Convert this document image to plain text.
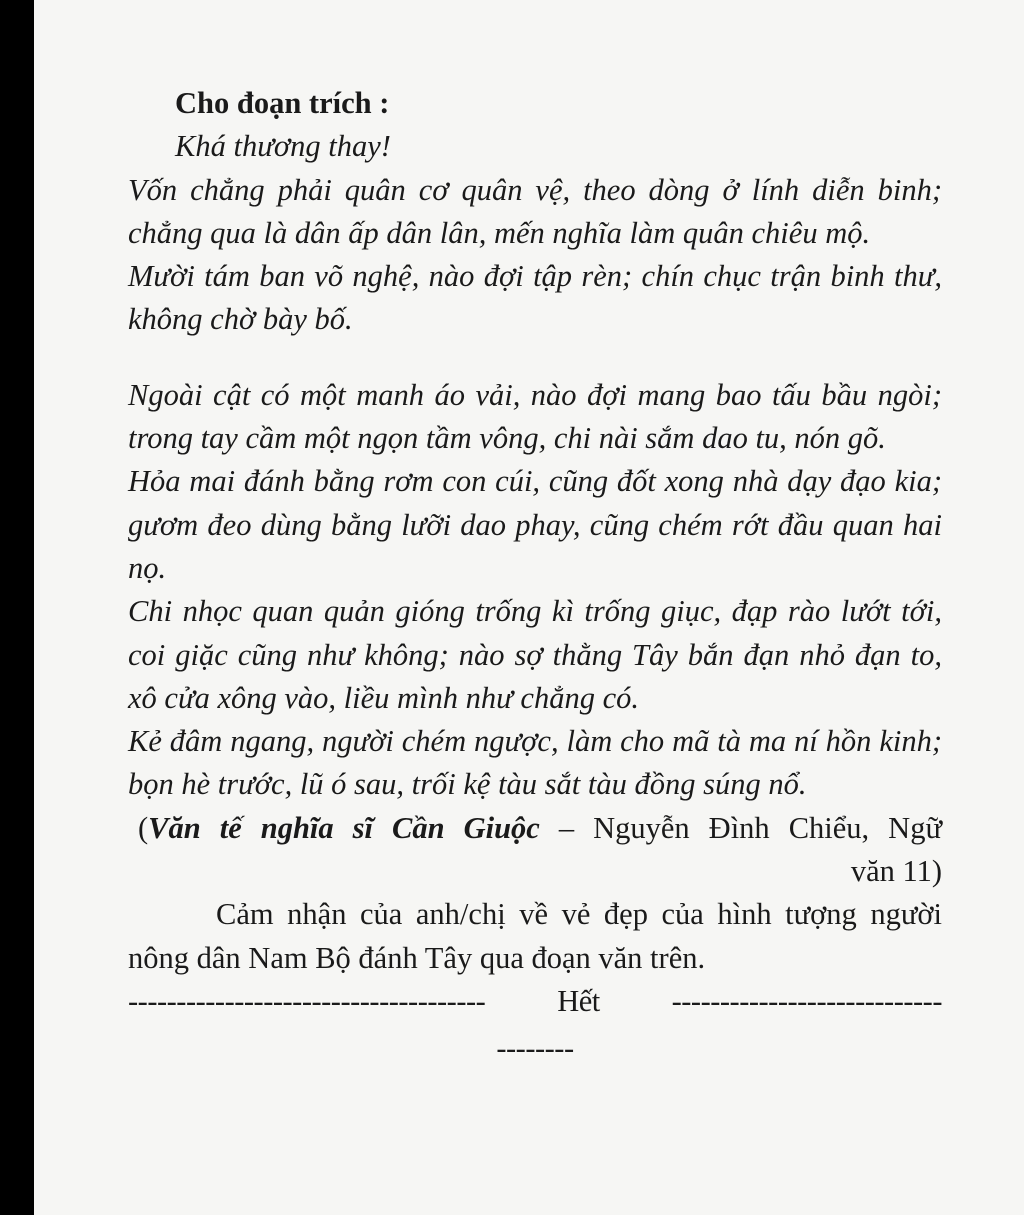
Cho đoạn trích :

Khá thương thay!

Vốn chẳng phải quân cơ quân vệ, theo dòng ở lính diễn binh; chẳng qua là dân ấp dân lân, mến nghĩa làm quân chiêu mộ.

Mười tám ban võ nghệ, nào đợi tập rèn; chín chục trận binh thư, không chờ bày bố.

Ngoài cật có một manh áo vải, nào đợi mang bao tấu bầu ngòi; trong tay cầm một ngọn tầm vông, chi nài sắm dao tu, nón gõ.

Hỏa mai đánh bằng rơm con cúi, cũng đốt xong nhà dạy đạo kia; gươm đeo dùng bằng lưỡi dao phay, cũng chém rớt đầu quan hai nọ.

Chi nhọc quan quản gióng trống kì trống giục, đạp rào lướt tới, coi giặc cũng như không; nào sợ thằng Tây bắn đạn nhỏ đạn to, xô cửa xông vào, liều mình như chẳng có.

Kẻ đâm ngang, người chém ngược, làm cho mã tà ma ní hồn kinh; bọn hè trước, lũ ó sau, trối kệ tàu sắt tàu đồng súng nổ.

(Văn tế nghĩa sĩ Cần Giuộc – Nguyễn Đình Chiểu, Ngữ

văn 11)

Cảm nhận của anh/chị về vẻ đẹp của hình tượng người nông dân Nam Bộ đánh Tây qua đoạn văn trên.

------------------------------------- Hết ----------------------------
--------
